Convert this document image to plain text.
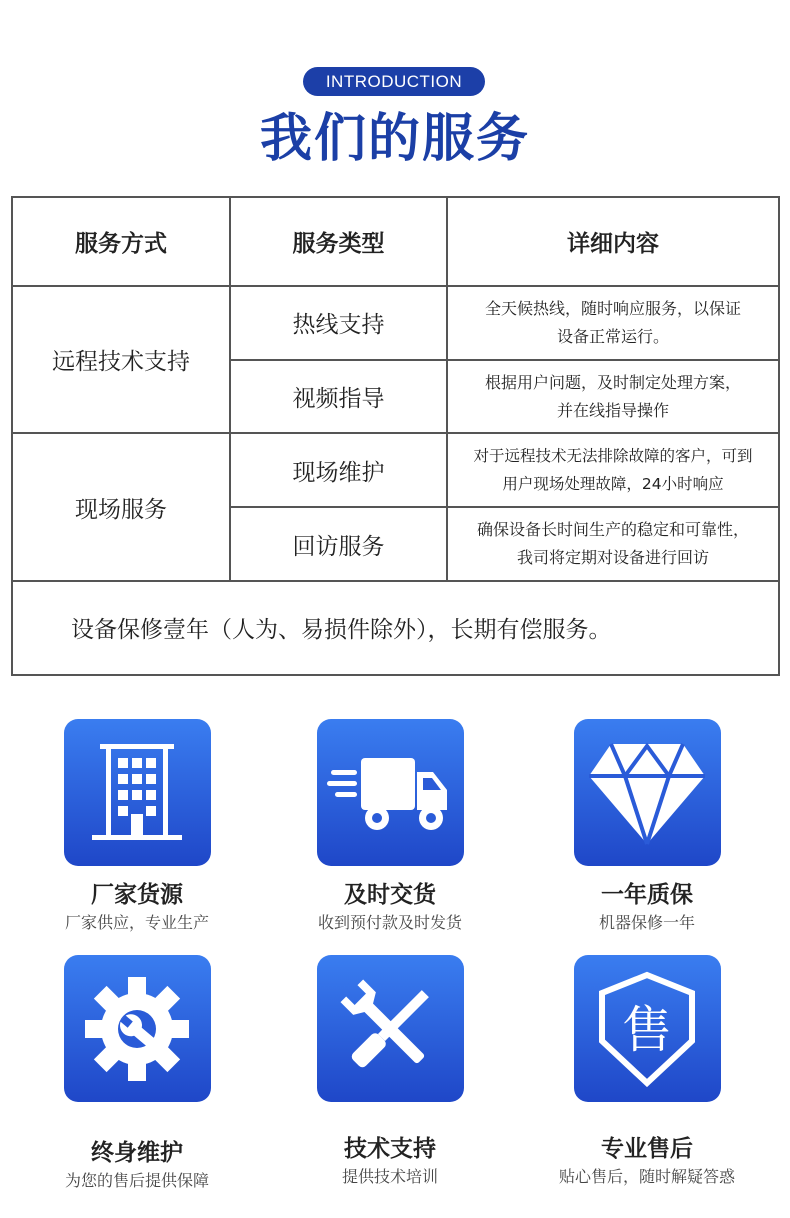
INTRODUCTION
我们的服务
服务方式	服务类型	详细内容
远程技术支持	热线支持	全天候热线，随时响应服务，以保证
设备正常运行。

	视频指导	根据用户问题，及时制定处理方案，
并在线指导操作

现场服务	现场维护	对于远程技术无法排除故障的客户，可到
用户现场处理故障，24小时响应

	回访服务	确保设备长时间生产的稳定和可靠性，
我司将定期对设备进行回访

设备保修壹年（人为、易损件除外），长期有偿服务。		
厂家货源
厂家供应，专业生产
及时交货
收到预付款及时发货
一年质保
机器保修一年
终身维护
为您的售后提供保障
技术支持
提供技术培训
售
专业售后
贴心售后，随时解疑答惑
